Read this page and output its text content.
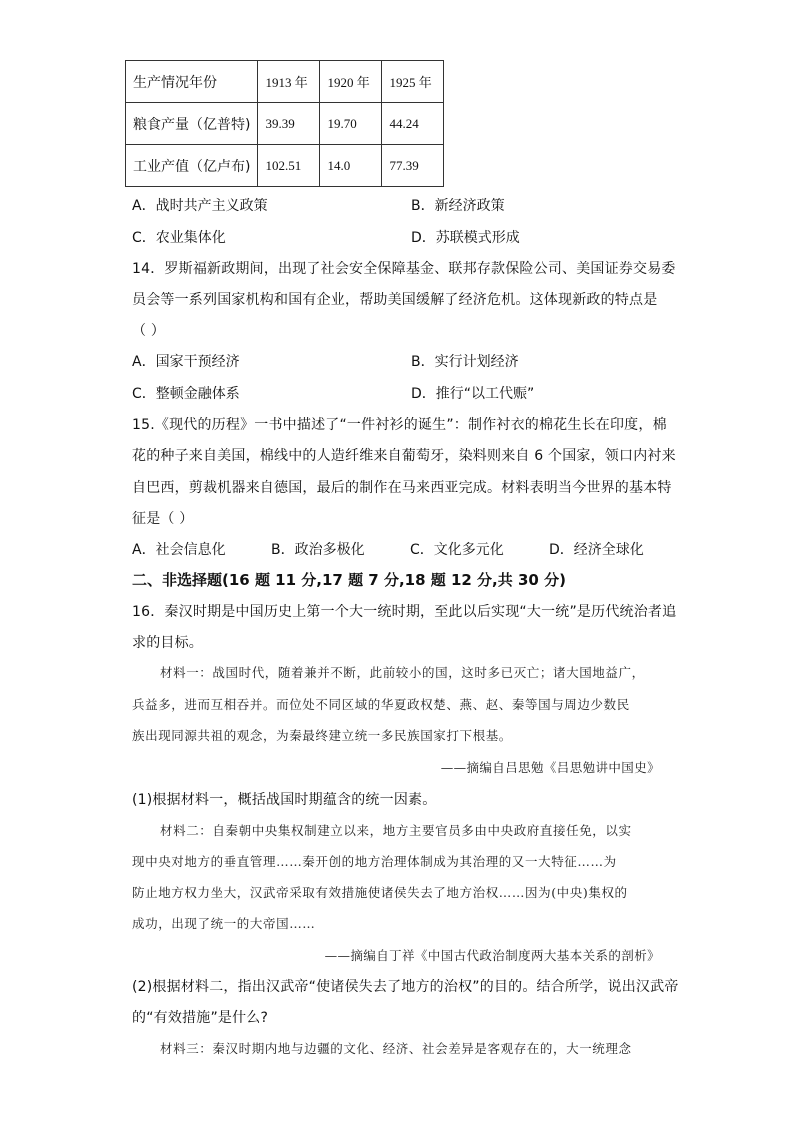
生产情况年份	1913 年	1920 年	1925 年
粮食产量（亿普特)	39.39	19.70	44.24
工业产值（亿卢布)	102.51	14.0	77.39
A．战时共产主义政策	B．新经济政策
C．农业集体化	D．苏联模式形成
14．罗斯福新政期间，出现了社会安全保障基金、联邦存款保险公司、美国证券交易委
员会等一系列国家机构和国有企业，帮助美国缓解了经济危机。这体现新政的特点是
（ ）
A．国家干预经济	B．实行计划经济
C．整顿金融体系	D．推行“以工代赈”
15.《现代的历程》一书中描述了“一件衬衫的诞生”：制作衬衣的棉花生长在印度，棉
花的种子来自美国，棉线中的人造纤维来自葡萄牙，染料则来自 6 个国家，领口内衬来
自巴西，剪裁机器来自德国，最后的制作在马来西亚完成。材料表明当今世界的基本特
征是（ ）
A．社会信息化	B．政治多极化	C．文化多元化	D．经济全球化
二、非选择题(16 题 11 分,17 题 7 分,18 题 12 分,共 30 分)
16．秦汉时期是中国历史上第一个大一统时期，至此以后实现“大一统”是历代统治者追
求的目标。
材料一：战国时代，随着兼并不断，此前较小的国，这时多已灭亡；诸大国地益广，
兵益多，进而互相吞并。而位处不同区域的华夏政权楚、燕、赵、秦等国与周边少数民
族出现同源共祖的观念，为秦最终建立统一多民族国家打下根基。
——摘编自吕思勉《吕思勉讲中国史》
(1)根据材料一，概括战国时期蕴含的统一因素。
材料二：自秦朝中央集权制建立以来，地方主要官员多由中央政府直接任免，以实
现中央对地方的垂直管理……秦开创的地方治理体制成为其治理的又一大特征……为
防止地方权力坐大，汉武帝采取有效措施使诸侯失去了地方治权……因为(中央)集权的
成功，出现了统一的大帝国……
——摘编自丁祥《中国古代政治制度两大基本关系的剖析》
(2)根据材料二，指出汉武帝“使诸侯失去了地方的治权”的目的。结合所学，说出汉武帝
的“有效措施”是什么?
材料三：秦汉时期内地与边疆的文化、经济、社会差异是客观存在的，大一统理念
